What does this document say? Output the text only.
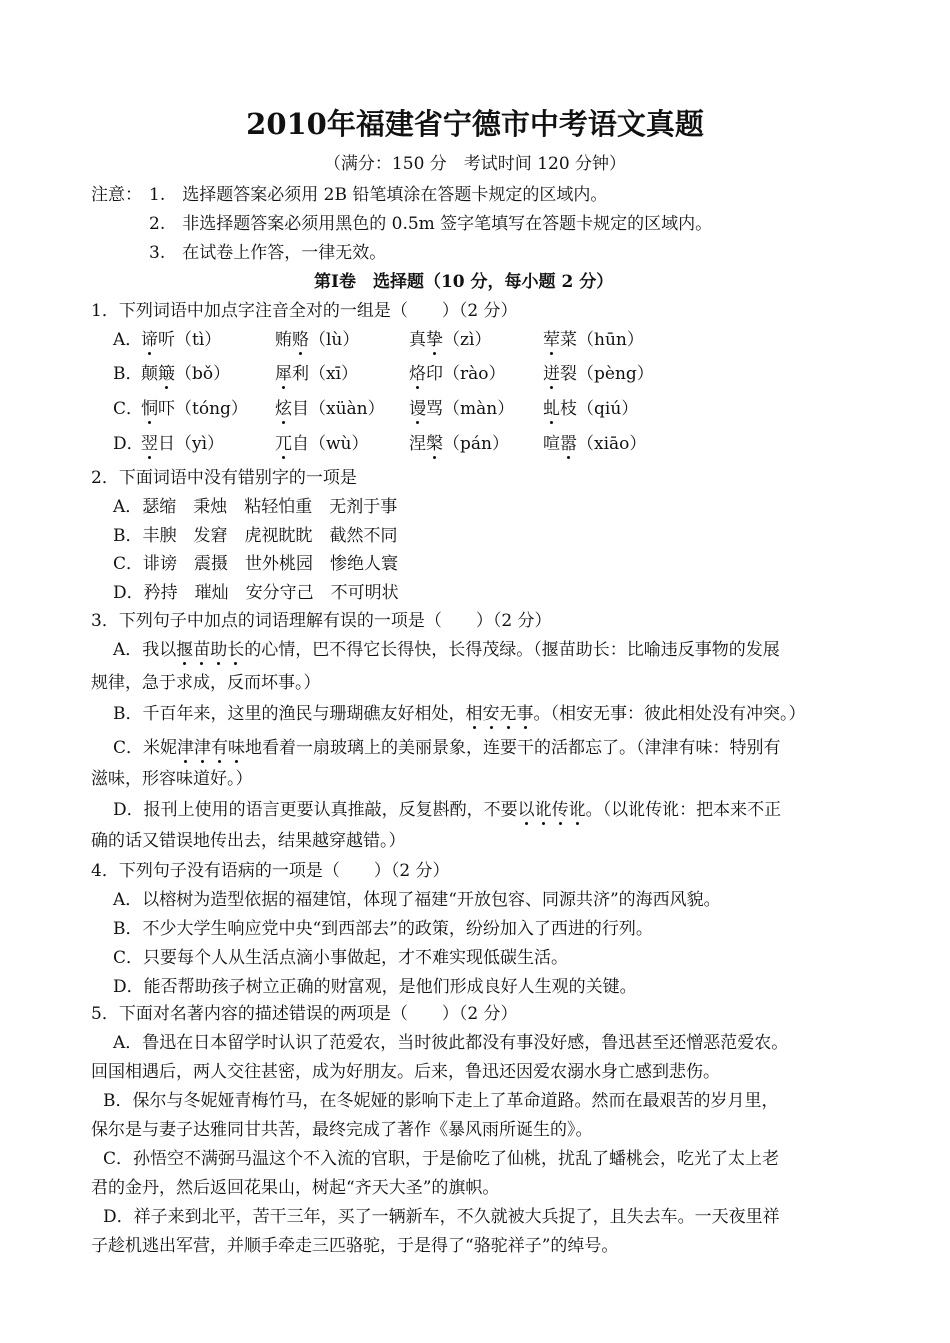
2010年福建省宁德市中考语文真题
（满分：150 分　考试时间 120 分钟）
注意： 1.　选择题答案必须用 2B 铅笔填涂在答题卡规定的区域内。
2.　非选择题答案必须用黑色的 0.5m 签字笔填写在答题卡规定的区域内。
3.　在试卷上作答，一律无效。
第Ⅰ卷　选择题（10 分，每小题 2 分）
1．下列词语中加点字注音全对的一组是（　　）（2 分）
A．
谛听（tì）	贿赂（lù）	真挚（zì）	荤菜（hūn）
B．
颠簸（bǒ）	犀利（xī）	烙印（rào） 迸裂（pèng）
C．
恫吓（tóng） 炫目（xüàn） 谩骂（màn） 虬枝（qiú）
D．
翌日（yì）	兀自（wù） 涅槃（pán） 喧嚣（xiāo）
2．下面词语中没有错别字的一项是
A．瑟缩　秉烛　粘轻怕重　无剂于事
B．丰腴　发窘　虎视眈眈　截然不同
C．诽谤　震摄　世外桃园　惨绝人寰
D．矜持　璀灿　安分守己　不可明状
3．下列句子中加点的词语理解有误的一项是（　　）（2 分）
A．我以揠苗助长的心情，巴不得它长得快，长得茂绿。（揠苗助长：比喻违反事物的发展
规律，急于求成，反而坏事。）
B．千百年来，这里的渔民与珊瑚礁友好相处，相安无事。（相安无事：彼此相处没有冲突。）
C．米妮津津有味地看着一扇玻璃上的美丽景象，连要干的活都忘了。（津津有味：特别有
滋味，形容味道好。）
D．报刊上使用的语言更要认真推敲，反复斟酌，不要以讹传讹。（以讹传讹：把本来不正
确的话又错误地传出去，结果越穿越错。）
4．下列句子没有语病的一项是（　　）（2 分）
A．以榕树为造型依据的福建馆，体现了福建“开放包容、同源共济”的海西风貌。
B．不少大学生响应党中央“到西部去”的政策，纷纷加入了西进的行列。
C．只要每个人从生活点滴小事做起，才不难实现低碳生活。
D．能否帮助孩子树立正确的财富观，是他们形成良好人生观的关键。
5．下面对名著内容的描述错误的两项是（　　）（2 分）
A．鲁迅在日本留学时认识了范爱农，当时彼此都没有事没好感，鲁迅甚至还憎恶范爱农。
回国相遇后，两人交往甚密，成为好朋友。后来，鲁迅还因爱农溺水身亡感到悲伤。
B．保尔与冬妮娅青梅竹马，在冬妮娅的影响下走上了革命道路。然而在最艰苦的岁月里，
保尔是与妻子达雅同甘共苦，最终完成了著作《暴风雨所诞生的》。
C．孙悟空不满弼马温这个不入流的官职，于是偷吃了仙桃，扰乱了蟠桃会，吃光了太上老
君的金丹，然后返回花果山，树起“齐天大圣”的旗帜。
D．祥子来到北平，苦干三年，买了一辆新车，不久就被大兵捉了，且失去车。一天夜里祥
子趁机逃出军营，并顺手牵走三匹骆驼，于是得了“骆驼祥子”的绰号。
